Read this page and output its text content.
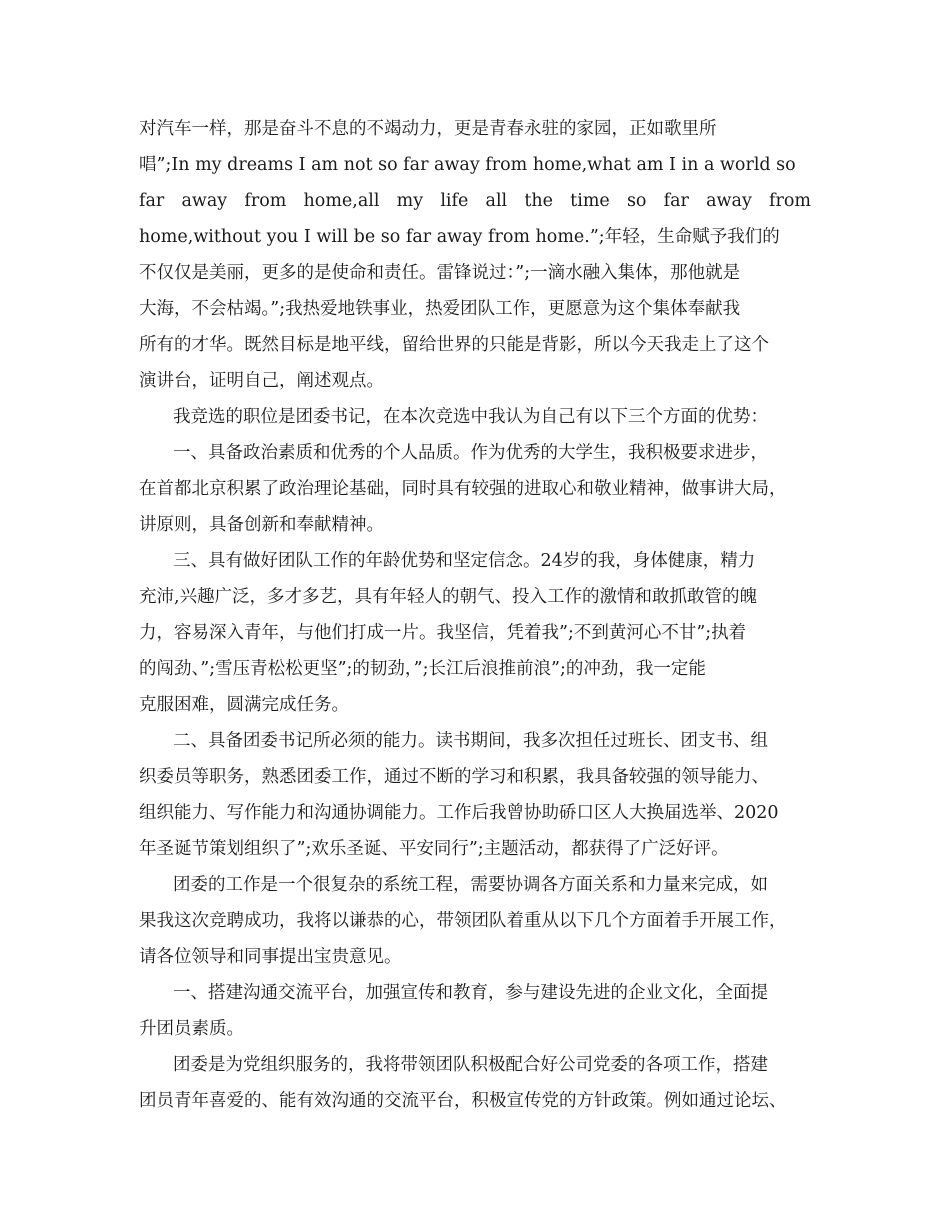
对汽车一样，那是奋斗不息的不竭动力，更是青春永驻的家园，正如歌里所
唱”;In my dreams I am not so far away from home,what am I in a world so
far away from home,all my life all the time so far away from
home,without you I will be so far away from home.”;年轻，生命赋予我们的
不仅仅是美丽，更多的是使命和责任。雷锋说过：”;一滴水融入集体，那他就是
大海，不会枯竭。”;我热爱地铁事业，热爱团队工作，更愿意为这个集体奉献我
所有的才华。既然目标是地平线，留给世界的只能是背影，所以今天我走上了这个
演讲台，证明自己，阐述观点。
我竞选的职位是团委书记，在本次竞选中我认为自己有以下三个方面的优势：
一、具备政治素质和优秀的个人品质。作为优秀的大学生，我积极要求进步，
在首都北京积累了政治理论基础，同时具有较强的进取心和敬业精神，做事讲大局，
讲原则，具备创新和奉献精神。
三、具有做好团队工作的年龄优势和坚定信念。24岁的我，身体健康，精力
充沛,兴趣广泛，多才多艺，具有年轻人的朝气、投入工作的激情和敢抓敢管的魄
力，容易深入青年，与他们打成一片。我坚信，凭着我”;不到黄河心不甘”;执着
的闯劲、”;雪压青松松更坚”;的韧劲，”;长江后浪推前浪”;的冲劲，我一定能
克服困难，圆满完成任务。
二、具备团委书记所必须的能力。读书期间，我多次担任过班长、团支书、组
织委员等职务，熟悉团委工作，通过不断的学习和积累，我具备较强的领导能力、
组织能力、写作能力和沟通协调能力。工作后我曾协助硚口区人大换届选举、2020
年圣诞节策划组织了”;欢乐圣诞、平安同行”;主题活动，都获得了广泛好评。
团委的工作是一个很复杂的系统工程，需要协调各方面关系和力量来完成，如
果我这次竞聘成功，我将以谦恭的心，带领团队着重从以下几个方面着手开展工作，
请各位领导和同事提出宝贵意见。
一、搭建沟通交流平台，加强宣传和教育，参与建设先进的企业文化，全面提
升团员素质。
团委是为党组织服务的，我将带领团队积极配合好公司党委的各项工作，搭建
团员青年喜爱的、能有效沟通的交流平台，积极宣传党的方针政策。例如通过论坛、
